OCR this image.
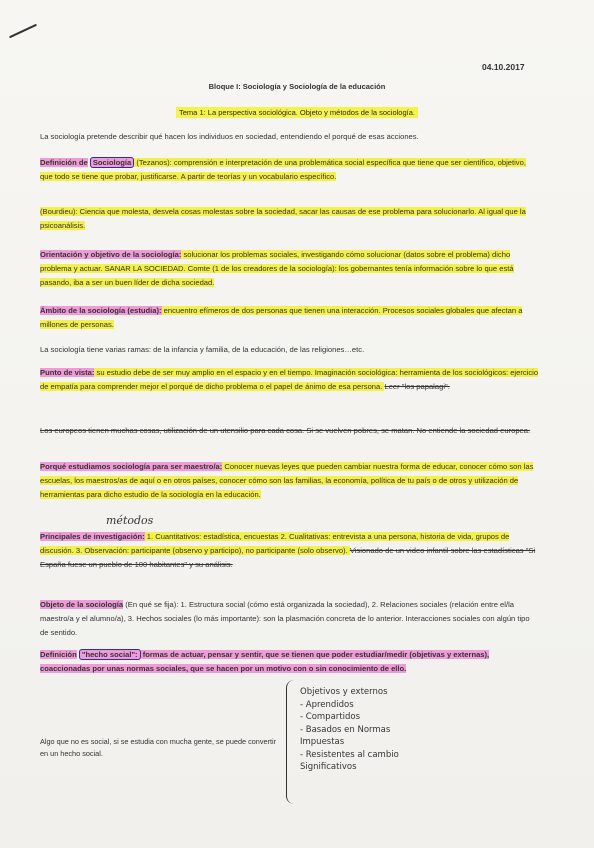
04.10.2017
Bloque I: Sociología y Sociología de la educación
Tema 1: La perspectiva sociológica. Objeto y métodos de la sociología.
La sociología pretende describir qué hacen los individuos en sociedad, entendiendo el porqué de esas acciones.
Definición de Sociología (Tezanos): comprensión e interpretación de una problemática social específica que tiene que ser científico, objetivo, que todo se tiene que probar, justificarse. A partir de teorías y un vocabulario específico.
(Bourdieu): Ciencia que molesta, desvela cosas molestas sobre la sociedad, sacar las causas de ese problema para solucionarlo. Al igual que la psicoanálisis.
Orientación y objetivo de la sociología: solucionar los problemas sociales, investigando cómo solucionar (datos sobre el problema) dicho problema y actuar. SANAR LA SOCIEDAD. Comte (1 de los creadores de la sociología): los gobernantes tenía información sobre lo que está pasando, iba a ser un buen líder de dicha sociedad.
Ámbito de la sociología (estudia): encuentro efímeros de dos personas que tienen una interacción. Procesos sociales globales que afectan a millones de personas.
La sociología tiene varias ramas: de la infancia y familia, de la educación, de las religiones…etc.
Punto de vista: su estudio debe de ser muy amplio en el espacio y en el tiempo. Imaginación sociológica: herramienta de los sociológicos: ejercicio de empatía para comprender mejor el porqué de dicho problema o el papel de ánimo de esa persona. Leer "los papalagi".
Los europeos tienen muchas cosas, utilización de un utensilio para cada cosa. Si se vuelven pobres, se matan. No entiende la sociedad europea.
Porqué estudiamos sociología para ser maestro/a: Conocer nuevas leyes que pueden cambiar nuestra forma de educar, conocer cómo son las escuelas, los maestros/as de aquí o en otros países, conocer cómo son las familias, la economía, política de tu país o de otros y utilización de herramientas para dicho estudio de la sociología en la educación.
métodos
Principales de investigación: 1. Cuantitativos: estadística, encuestas 2. Cualitativas: entrevista a una persona, historia de vida, grupos de discusión. 3. Observación: participante (observo y participo), no participante (solo observo). Visionado de un video infantil sobre las estadísticas "Si España fuese un pueblo de 100 habitantes" y su análisis.
Objeto de la sociología (En qué se fija): 1. Estructura social (cómo está organizada la sociedad), 2. Relaciones sociales (relación entre el/la maestro/a y el alumno/a), 3. Hechos sociales (lo más importante): son la plasmación concreta de lo anterior. Interacciones sociales con algún tipo de sentido.
Definición "hecho social": formas de actuar, pensar y sentir, que se tienen que poder estudiar/medir (objetivas y externas), coaccionadas por unas normas sociales, que se hacen por un motivo con o sin conocimiento de ello.
Objetivos y externos
- Aprendidos
- Compartidos
- Basados en Normas
Impuestas
- Resistentes al cambio
Significativos
Algo que no es social, si se estudia con mucha gente, se puede convertir en un hecho social.
